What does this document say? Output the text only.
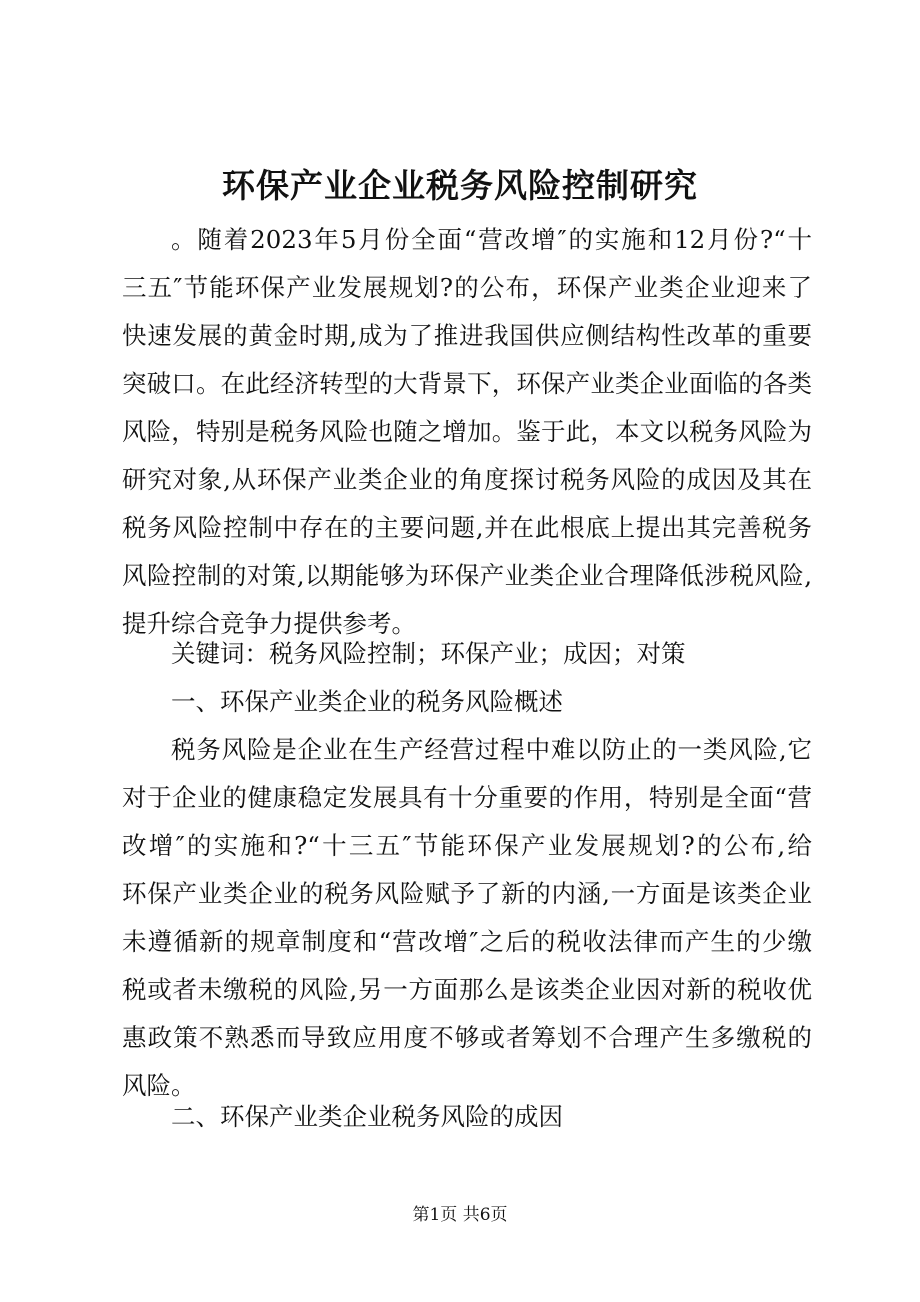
环保产业企业税务风险控制研究
。随着2023年5月份全面“营改增″的实施和12月份?“十
三五″节能环保产业发展规划?的公布，环保产业类企业迎来了
快速发展的黄金时期,成为了推进我国供应侧结构性改革的重要
突破口。在此经济转型的大背景下，环保产业类企业面临的各类
风险，特别是税务风险也随之增加。鉴于此，本文以税务风险为
研究对象,从环保产业类企业的角度探讨税务风险的成因及其在
税务风险控制中存在的主要问题,并在此根底上提出其完善税务
风险控制的对策,以期能够为环保产业类企业合理降低涉税风险,
提升综合竞争力提供参考。
关键词：税务风险控制；环保产业；成因；对策
一、环保产业类企业的税务风险概述
税务风险是企业在生产经营过程中难以防止的一类风险,它
对于企业的健康稳定发展具有十分重要的作用，特别是全面“营
改增″的实施和?“十三五″节能环保产业发展规划?的公布,给
环保产业类企业的税务风险赋予了新的内涵,一方面是该类企业
未遵循新的规章制度和“营改增″之后的税收法律而产生的少缴
税或者未缴税的风险,另一方面那么是该类企业因对新的税收优
惠政策不熟悉而导致应用度不够或者筹划不合理产生多缴税的
风险。
二、环保产业类企业税务风险的成因
第1页 共6页
